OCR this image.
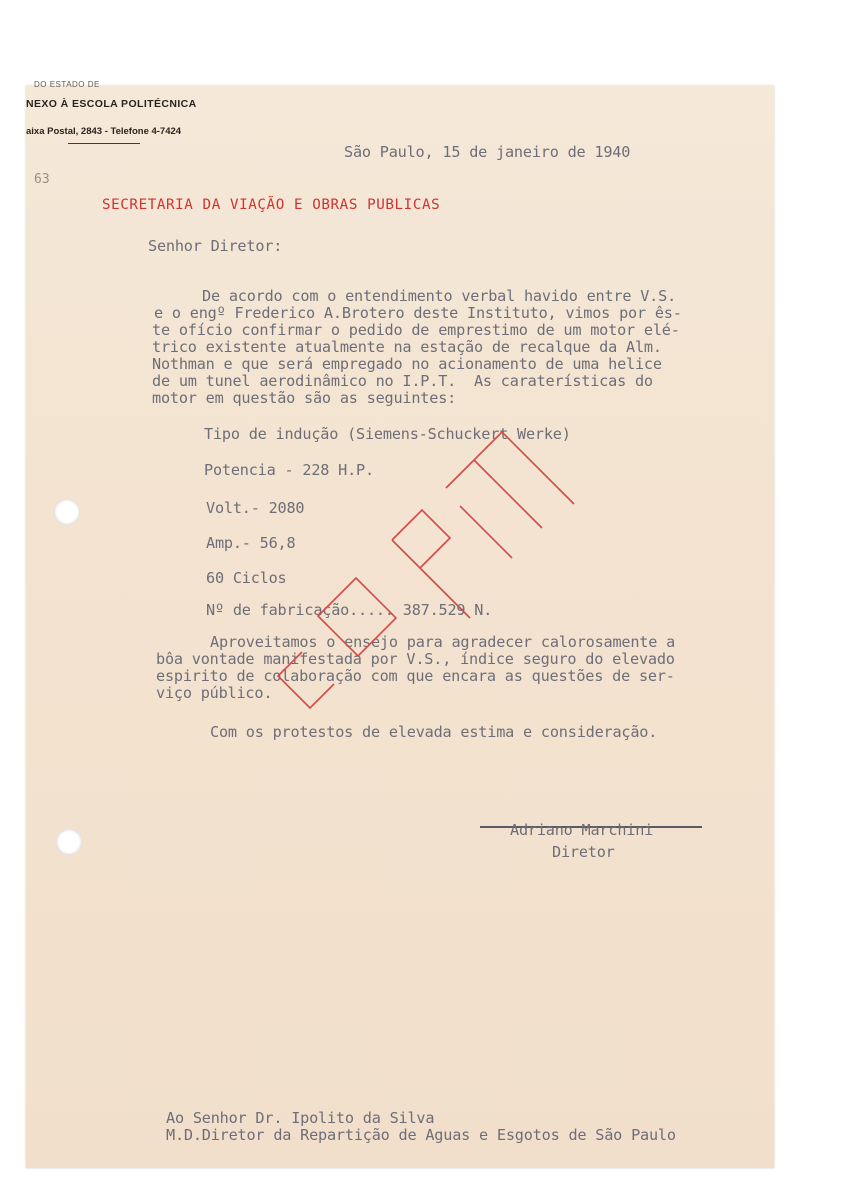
DO ESTADO DE
NEXO À ESCOLA POLITÉCNICA
aixa Postal, 2843 - Telefone 4-7424
63
São Paulo, 15 de janeiro de 1940
SECRETARIA DA VIAÇÃO E OBRAS PUBLICAS
Senhor Diretor:
De acordo com o entendimento verbal havido entre V.S.
e o engº Frederico A.Brotero deste Instituto, vimos por ês-
te ofício confirmar o pedido de emprestimo de um motor elé-
trico existente atualmente na estação de recalque da Alm.
Nothman e que será empregado no acionamento de uma helice
de um tunel aerodinâmico no I.P.T.  As caraterísticas do
motor em questão são as seguintes:
Tipo de indução (Siemens-Schuckert Werke)
Potencia - 228 H.P.
Volt.- 2080
Amp.- 56,8
60 Ciclos
Nº de fabricação..... 387.529 N.
Aproveitamos o ensejo para agradecer calorosamente a
bôa vontade manifestada por V.S., índice seguro do elevado
espirito de colaboração com que encara as questões de ser-
viço público.
Com os protestos de elevada estima e consideração.
Adriano Marchini
Diretor
Ao Senhor Dr. Ipolito da Silva
M.D.Diretor da Repartição de Aguas e Esgotos de São Paulo
COPIA
